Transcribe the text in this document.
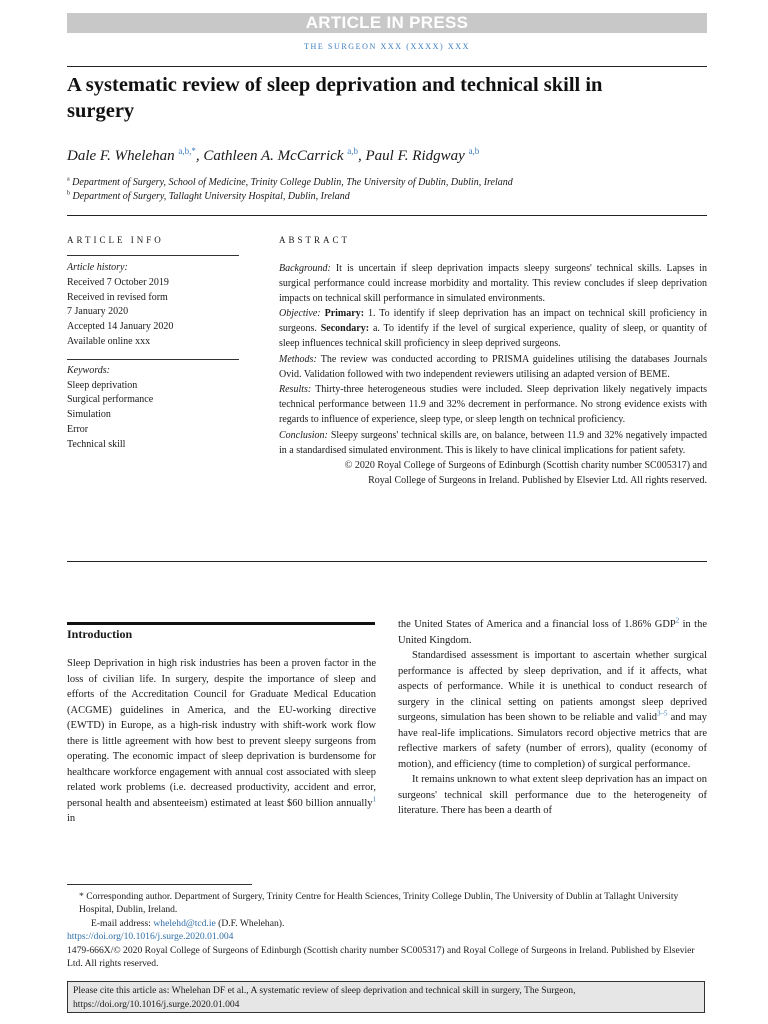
ARTICLE IN PRESS
THE SURGEON XXX (XXXX) XXX
A systematic review of sleep deprivation and technical skill in surgery
Dale F. Whelehan $^{a,b,*}$, Cathleen A. McCarrick $^{a,b}$, Paul F. Ridgway $^{a,b}$
$^a$ Department of Surgery, School of Medicine, Trinity College Dublin, The University of Dublin, Dublin, Ireland
$^b$ Department of Surgery, Tallaght University Hospital, Dublin, Ireland
ARTICLE INFO	ABSTRACT
Article history:
Received 7 October 2019
Received in revised form
7 January 2020
Accepted 14 January 2020
Available online xxx
Keywords:
Sleep deprivation
Surgical performance
Simulation
Error
Technical skill

Background: It is uncertain if sleep deprivation impacts sleepy surgeons' technical skills. Lapses in surgical performance could increase morbidity and mortality. This review concludes if sleep deprivation impacts on technical skill performance in simulated environments.

Objective: Primary: 1. To identify if sleep deprivation has an impact on technical skill proficiency in surgeons. Secondary: a. To identify if the level of surgical experience, quality of sleep, or quantity of sleep influences technical skill proficiency in sleep deprived surgeons.

Methods: The review was conducted according to PRISMA guidelines utilising the databases Journals Ovid. Validation followed with two independent reviewers utilising an adapted version of BEME.

Results: Thirty-three heterogeneous studies were included. Sleep deprivation likely negatively impacts technical performance between 11.9 and 32% decrement in performance. No strong evidence exists with regards to influence of experience, sleep type, or sleep length on technical proficiency.

Conclusion: Sleepy surgeons' technical skills are, on balance, between 11.9 and 32% negatively impacted in a standardised simulated environment. This is likely to have clinical implications for patient safety.

© 2020 Royal College of Surgeons of Edinburgh (Scottish charity number SC005317) and
Royal College of Surgeons in Ireland. Published by Elsevier Ltd. All rights reserved.

Introduction

Sleep Deprivation in high risk industries has been a proven factor in the loss of civilian life. In surgery, despite the importance of sleep and efforts of the Accreditation Council for Graduate Medical Education (ACGME) guidelines in America, and the EU-working directive (EWTD) in Europe, as a high-risk industry with shift-work work flow there is little agreement with how best to prevent sleepy surgeons from operating. The economic impact of sleep deprivation is burdensome for healthcare workforce engagement with annual cost associated with sleep related work problems (i.e. decreased productivity, accident and error, personal health and absenteeism) estimated at least $60 billion annually$^1$ in

the United States of America and a financial loss of 1.86% GDP$^2$ in the United Kingdom.

Standardised assessment is important to ascertain whether surgical performance is affected by sleep deprivation, and if it affects, what aspects of performance. While it is unethical to conduct research of surgery in the clinical setting on patients amongst sleep deprived surgeons, simulation has been shown to be reliable and valid$^{3-5}$ and may have real-life implications. Simulators record objective metrics that are reflective markers of safety (number of errors), quality (economy of motion), and efficiency (time to completion) of surgical performance.

It remains unknown to what extent sleep deprivation has an impact on surgeons' technical skill performance due to the heterogeneity of literature. There has been a dearth of

* Corresponding author. Department of Surgery, Trinity Centre for Health Sciences, Trinity College Dublin, The University of Dublin at Tallaght University Hospital, Dublin, Ireland.

E-mail address: whelehd@tcd.ie (D.F. Whelehan).

https://doi.org/10.1016/j.surge.2020.01.004

1479-666X/© 2020 Royal College of Surgeons of Edinburgh (Scottish charity number SC005317) and Royal College of Surgeons in Ireland. Published by Elsevier Ltd. All rights reserved.

Please cite this article as: Whelehan DF et al., A systematic review of sleep deprivation and technical skill in surgery, The Surgeon, https://doi.org/10.1016/j.surge.2020.01.004
